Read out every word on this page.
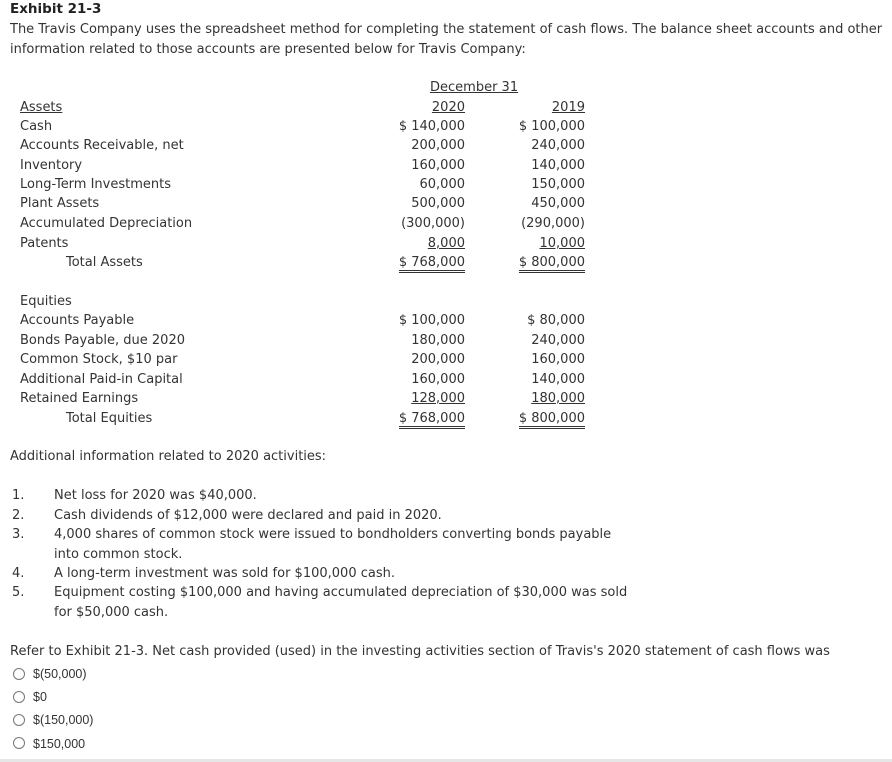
Exhibit 21-3
The Travis Company uses the spreadsheet method for completing the statement of cash flows. The balance sheet accounts and other information related to those accounts are presented below for Travis Company:
December 31
Assets	2020	2019
Cash	$ 140,000	$ 100,000
Accounts Receivable, net	200,000	240,000
Inventory	160,000	140,000
Long-Term Investments	60,000	150,000
Plant Assets	500,000	450,000
Accumulated Depreciation	(300,000)	(290,000)
Patents	8,000	10,000
Total Assets	$ 768,000	$ 800,000
Equities
Accounts Payable	$ 100,000	$ 80,000
Bonds Payable, due 2020	180,000	240,000
Common Stock, $10 par	200,000	160,000
Additional Paid-in Capital	160,000	140,000
Retained Earnings	128,000	180,000
Total Equities	$ 768,000	$ 800,000
Additional information related to 2020 activities:
1. Net loss for 2020 was $40,000.
2. Cash dividends of $12,000 were declared and paid in 2020.
3. 4,000 shares of common stock were issued to bondholders converting bonds payable
into common stock.
4. A long-term investment was sold for $100,000 cash.
5. Equipment costing $100,000 and having accumulated depreciation of $30,000 was sold
for $50,000 cash.
Refer to Exhibit 21-3. Net cash provided (used) in the investing activities section of Travis's 2020 statement of cash flows was
$(50,000)
$0
$(150,000)
$150,000
